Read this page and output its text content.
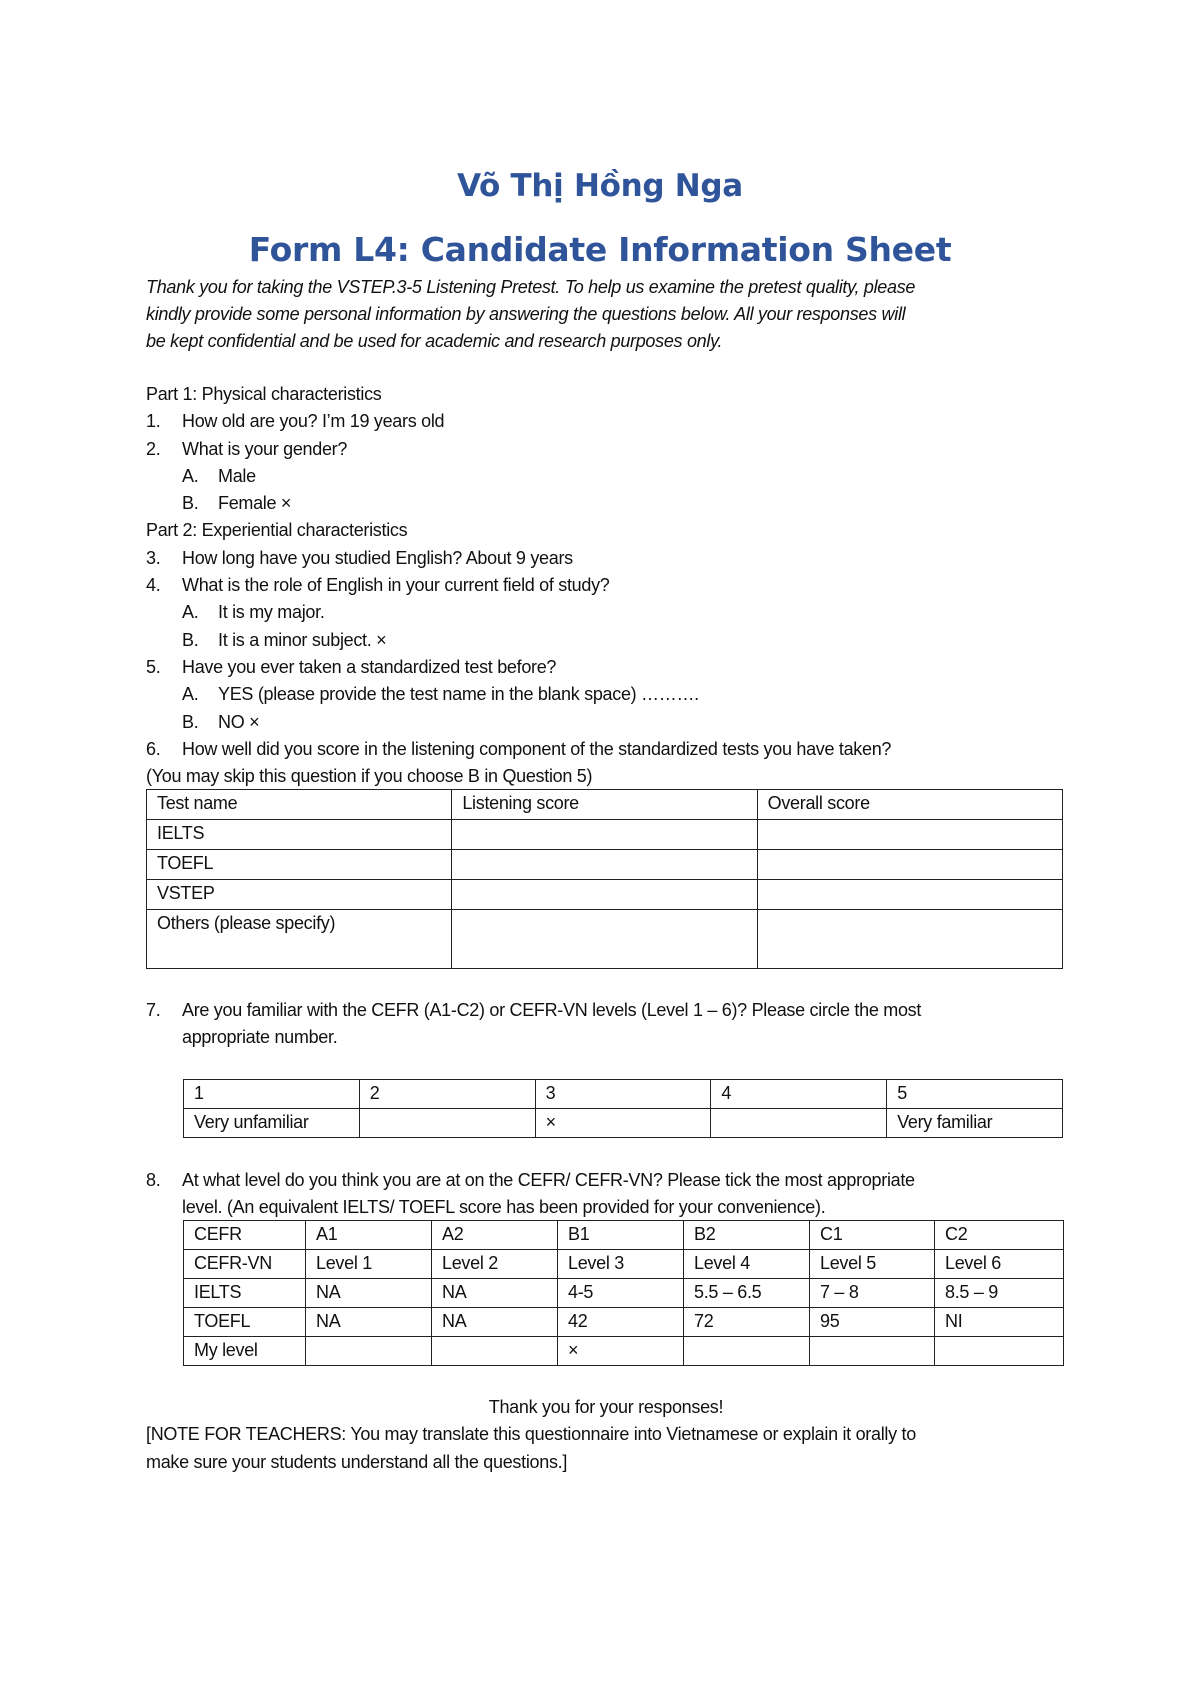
Võ Thị Hồng Nga
Form L4: Candidate Information Sheet
Thank you for taking the VSTEP.3-5 Listening Pretest. To help us examine the pretest quality, please
kindly provide some personal information by answering the questions below. All your responses will
be kept confidential and be used for academic and research purposes only.
Part 1: Physical characteristics
1. How old are you? I’m 19 years old
2. What is your gender?
A. Male
B. Female ×
Part 2: Experiential characteristics
3. How long have you studied English? About 9 years
4. What is the role of English in your current field of study?
A. It is my major.
B. It is a minor subject. ×
5. Have you ever taken a standardized test before?
A. YES (please provide the test name in the blank space) ……….
B. NO ×
6. How well did you score in the listening component of the standardized tests you have taken?
(You may skip this question if you choose B in Question 5)
Test name	Listening score	Overall score
IELTS		
TOEFL		
VSTEP		
Others (please specify)		
7. Are you familiar with the CEFR (A1-C2) or CEFR-VN levels (Level 1 – 6)? Please circle the most
appropriate number.
1	2	3	4	5
Very unfamiliar		×		Very familiar
8. At what level do you think you are at on the CEFR/ CEFR-VN? Please tick the most appropriate
level. (An equivalent IELTS/ TOEFL score has been provided for your convenience).
CEFR	A1	A2	B1	B2	C1	C2
CEFR-VN	Level 1	Level 2	Level 3	Level 4	Level 5	Level 6
IELTS	NA	NA	4-5	5.5 – 6.5	7 – 8	8.5 – 9
TOEFL	NA	NA	42	72	95	NI
My level			×			
Thank you for your responses!
[NOTE FOR TEACHERS: You may translate this questionnaire into Vietnamese or explain it orally to
make sure your students understand all the questions.]
